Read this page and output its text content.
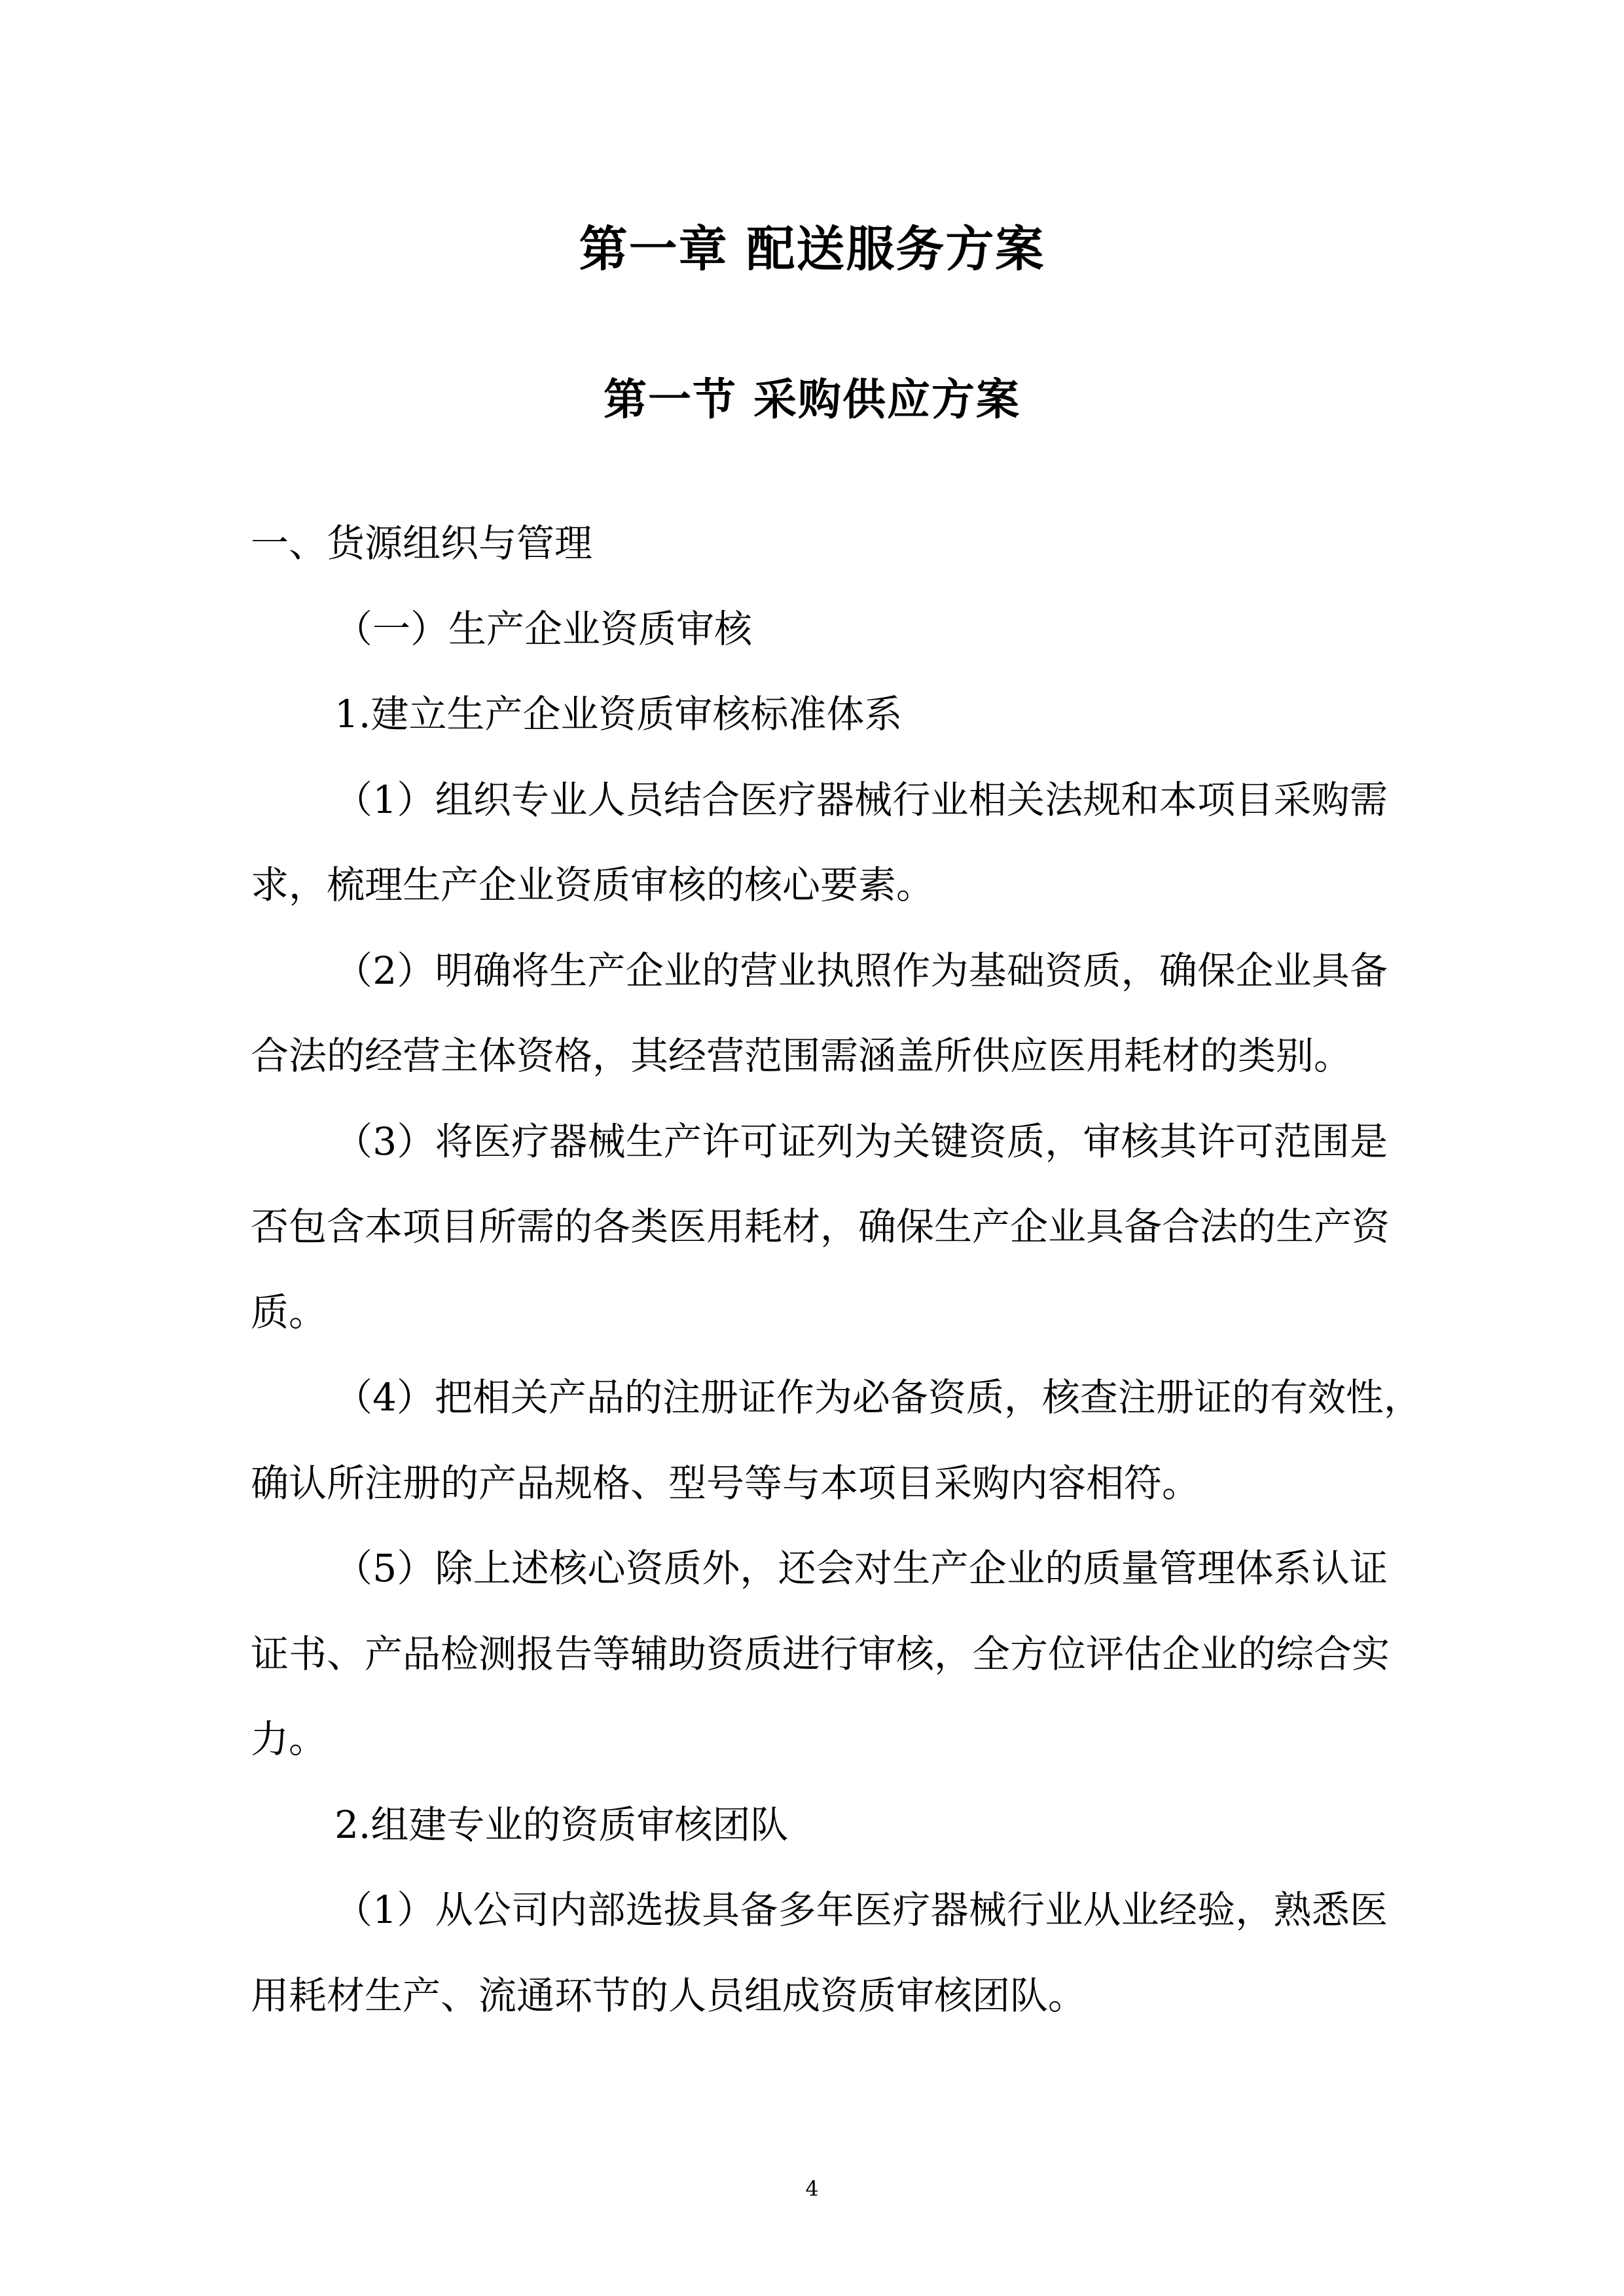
第一章 配送服务方案
第一节 采购供应方案
一、货源组织与管理
（一）生产企业资质审核
1.建立生产企业资质审核标准体系
（1）组织专业人员结合医疗器械行业相关法规和本项目采购需
求，梳理生产企业资质审核的核心要素。
（2）明确将生产企业的营业执照作为基础资质，确保企业具备
合法的经营主体资格，其经营范围需涵盖所供应医用耗材的类别。
（3）将医疗器械生产许可证列为关键资质，审核其许可范围是
否包含本项目所需的各类医用耗材，确保生产企业具备合法的生产资
质。
（4）把相关产品的注册证作为必备资质，核查注册证的有效性，
确认所注册的产品规格、型号等与本项目采购内容相符。
（5）除上述核心资质外，还会对生产企业的质量管理体系认证
证书、产品检测报告等辅助资质进行审核，全方位评估企业的综合实
力。
2.组建专业的资质审核团队
（1）从公司内部选拔具备多年医疗器械行业从业经验，熟悉医
用耗材生产、流通环节的人员组成资质审核团队。
4
